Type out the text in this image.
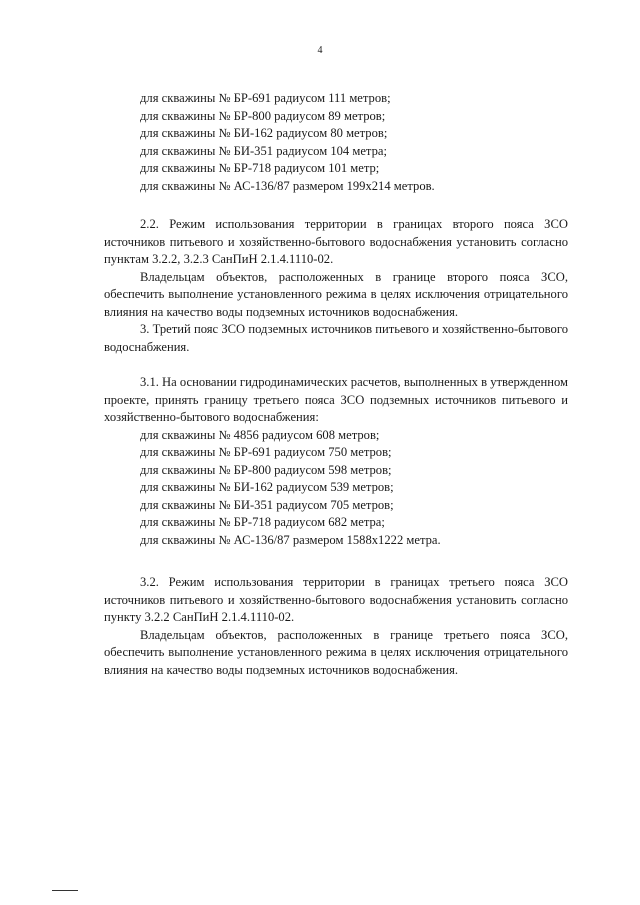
4
для скважины № БР-691 радиусом 111 метров;
для скважины № БР-800 радиусом 89 метров;
для скважины № БИ-162 радиусом 80 метров;
для скважины № БИ-351 радиусом 104 метра;
для скважины № БР-718 радиусом 101 метр;
для скважины № АС-136/87 размером 199х214 метров.

2.2. Режим использования территории в границах второго пояса ЗСО источников питьевого и хозяйственно-бытового водоснабжения установить согласно пунктам 3.2.2, 3.2.3 СанПиН 2.1.4.1110-02.

Владельцам объектов, расположенных в границе второго пояса ЗСО, обеспечить выполнение установленного режима в целях исключения отрицательного влияния на качество воды подземных источников водоснабжения.

3. Третий пояс ЗСО подземных источников питьевого и хозяйственно-бытового водоснабжения.

3.1. На основании гидродинамических расчетов, выполненных в утвержденном проекте, принять границу третьего пояса ЗСО подземных источников питьевого и хозяйственно-бытового водоснабжения:

для скважины № 4856 радиусом 608 метров;
для скважины № БР-691 радиусом 750 метров;
для скважины № БР-800 радиусом 598 метров;
для скважины № БИ-162 радиусом 539 метров;
для скважины № БИ-351 радиусом 705 метров;
для скважины № БР-718 радиусом 682 метра;
для скважины № АС-136/87 размером 1588х1222 метра.

3.2. Режим использования территории в границах третьего пояса ЗСО источников питьевого и хозяйственно-бытового водоснабжения установить согласно пункту 3.2.2 СанПиН 2.1.4.1110-02.

Владельцам объектов, расположенных в границе третьего пояса ЗСО, обеспечить выполнение установленного режима в целях исключения отрицательного влияния на качество воды подземных источников водоснабжения.
